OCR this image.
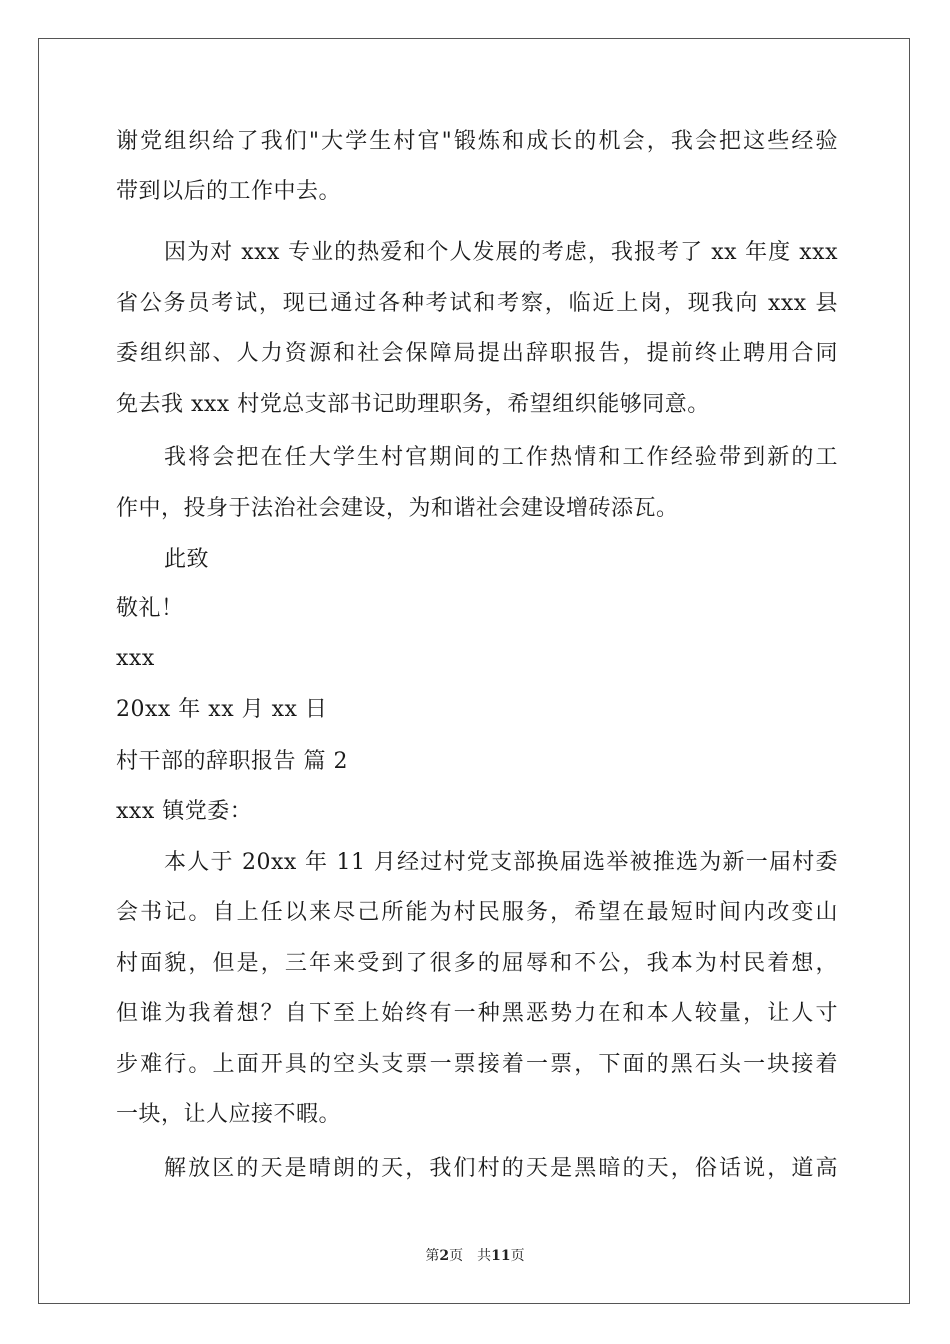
谢党组织给了我们"大学生村官"锻炼和成长的机会，我会把这些经验
带到以后的工作中去。
因为对 xxx 专业的热爱和个人发展的考虑，我报考了 xx 年度 xxx
省公务员考试，现已通过各种考试和考察，临近上岗，现我向 xxx 县
委组织部、人力资源和社会保障局提出辞职报告，提前终止聘用合同
免去我 xxx 村党总支部书记助理职务，希望组织能够同意。
我将会把在任大学生村官期间的工作热情和工作经验带到新的工
作中，投身于法治社会建设，为和谐社会建设增砖添瓦。
此致
敬礼！
xxx
20xx 年 xx 月 xx 日
村干部的辞职报告 篇 2
xxx 镇党委：
本人于 20xx 年 11 月经过村党支部换届选举被推选为新一届村委
会书记。自上任以来尽己所能为村民服务，希望在最短时间内改变山
村面貌，但是，三年来受到了很多的屈辱和不公，我本为村民着想，
但谁为我着想？自下至上始终有一种黑恶势力在和本人较量，让人寸
步难行。上面开具的空头支票一票接着一票，下面的黑石头一块接着
一块，让人应接不暇。
解放区的天是晴朗的天，我们村的天是黑暗的天，俗话说，道高
第2页 共11页
